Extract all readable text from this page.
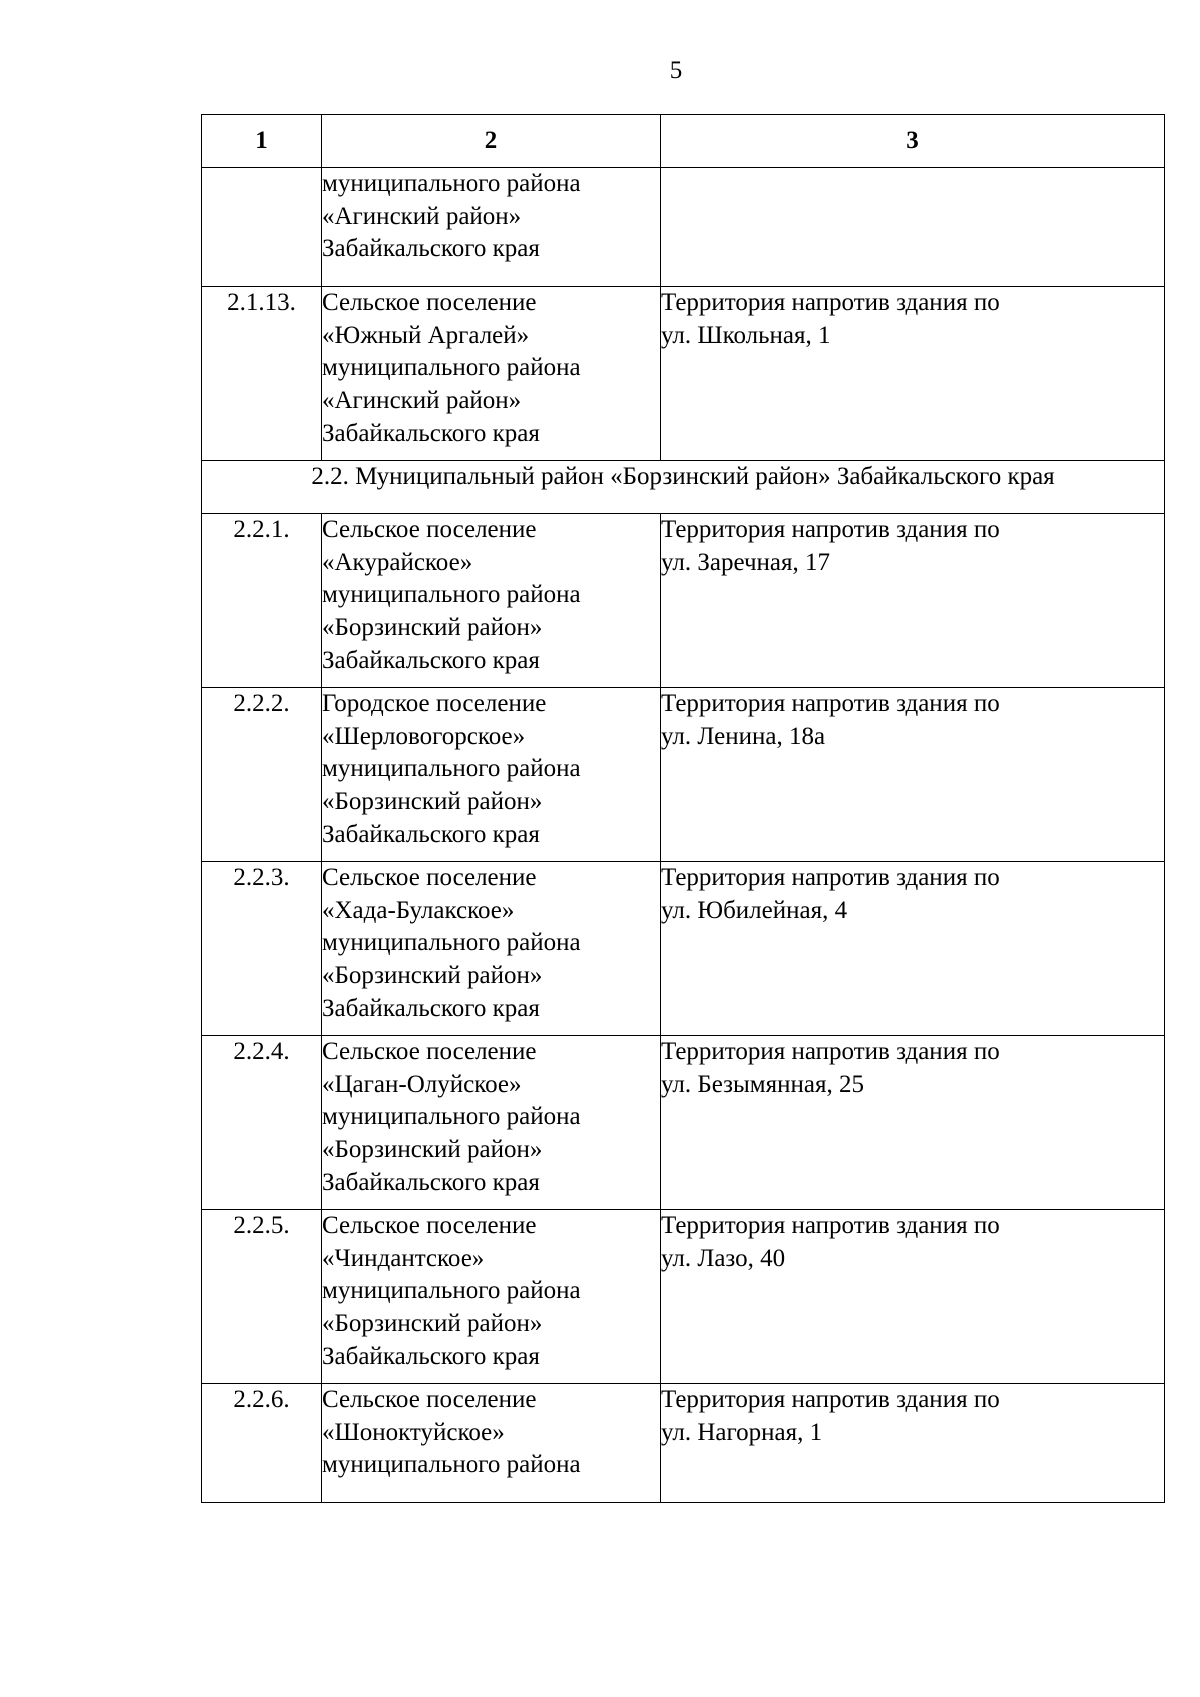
5
1	2	3

	муниципального района
«Агинский район»
Забайкальского края	

2.1.13.	Сельское поселение
«Южный Аргалей»
муниципального района
«Агинский район»
Забайкальского края	Территория напротив здания по
ул. Школьная, 1

2.2. Муниципальный район «Борзинский район» Забайкальского края		
2.2.1.	Сельское поселение
«Акурайское»
муниципального района
«Борзинский район»
Забайкальского края	Территория напротив здания по
ул. Заречная, 17

2.2.2.	Городское поселение
«Шерловогорское»
муниципального района
«Борзинский район»
Забайкальского края	Территория напротив здания по
ул. Ленина, 18а

2.2.3.	Сельское поселение
«Хада-Булакское»
муниципального района
«Борзинский район»
Забайкальского края	Территория напротив здания по
ул. Юбилейная, 4

2.2.4.	Сельское поселение
«Цаган-Олуйское»
муниципального района
«Борзинский район»
Забайкальского края	Территория напротив здания по
ул. Безымянная, 25

2.2.5.	Сельское поселение
«Чиндантское»
муниципального района
«Борзинский район»
Забайкальского края	Территория напротив здания по
ул. Лазо, 40

2.2.6.	Сельское поселение
«Шоноктуйское»
муниципального района	Территория напротив здания по
ул. Нагорная, 1
